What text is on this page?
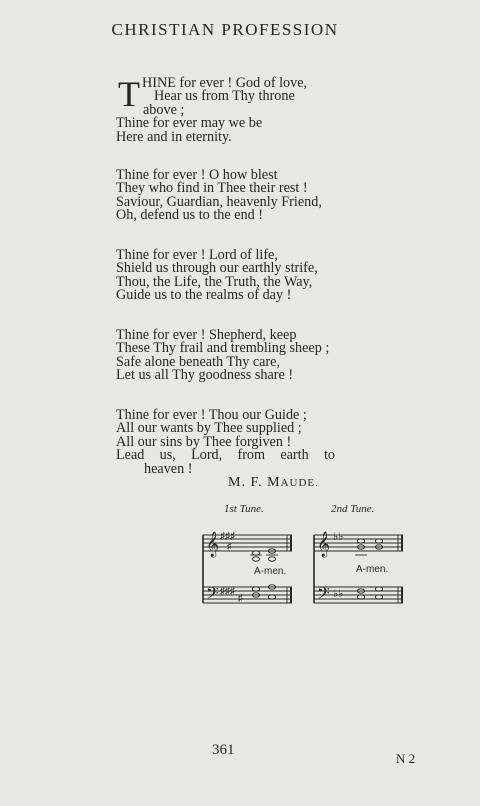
CHRISTIAN PROFESSION
T HINE for ever ! God of love,
Hear us from Thy throne
above ;
Thine for ever may we be
Here and in eternity.
Thine for ever ! O how blest
They who find in Thee their rest !
Saviour, Guardian, heavenly Friend,
Oh, defend us to the end !
Thine for ever ! Lord of life,
Shield us through our earthly strife,
Thou, the Life, the Truth, the Way,
Guide us to the realms of day !
Thine for ever ! Shepherd, keep
These Thy frail and trembling sheep ;
Safe alone beneath Thy care,
Let us all Thy goodness share !
Thine for ever ! Thou our Guide ;
All our wants by Thee supplied ;
All our sins by Thee forgiven !
Lead us, Lord, from earth to
heaven !
M. F. MAUDE.
1st Tune.	2nd Tune.
𝄞
𝄢
♯♯♯
♯♯♯
♯
♯
A-men.
𝄞
𝄢
♭♭
♭♭
A-men.
361
N 2
